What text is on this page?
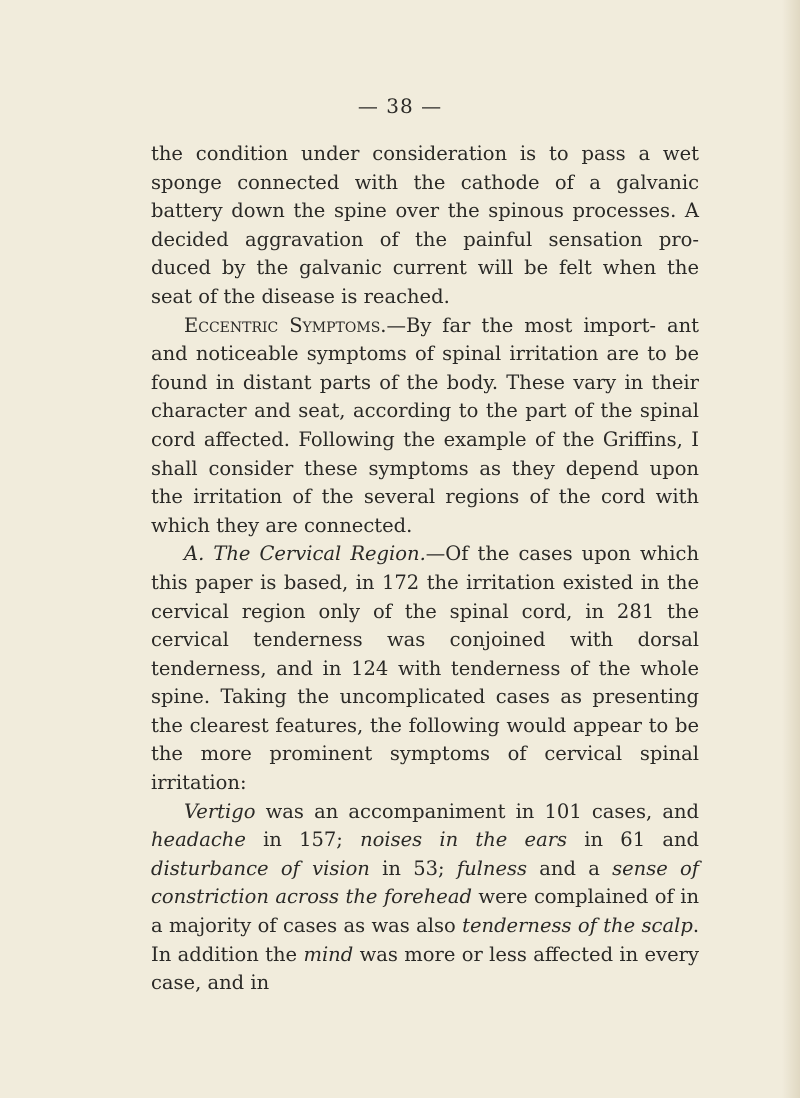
— 38 —

the condition under consideration is to pass a wet sponge connected with the cathode of a galvanic battery down the spine over the spinous processes. A decided aggravation of the painful sensation pro- duced by the galvanic current will be felt when the seat of the disease is reached.

Eccentric Symptoms.—By far the most import- ant and noticeable symptoms of spinal irritation are to be found in distant parts of the body. These vary in their character and seat, according to the part of the spinal cord affected. Following the example of the Griffins, I shall consider these symptoms as they depend upon the irritation of the several regions of the cord with which they are connected.

A. The Cervical Region.—Of the cases upon which this paper is based, in 172 the irritation existed in the cervical region only of the spinal cord, in 281 the cervical tenderness was conjoined with dorsal tenderness, and in 124 with tenderness of the whole spine. Taking the uncomplicated cases as presenting the clearest features, the following would appear to be the more prominent symptoms of cervical spinal irritation:

Vertigo was an accompaniment in 101 cases, and headache in 157; noises in the ears in 61 and disturbance of vision in 53; fulness and a sense of constriction across the forehead were complained of in a majority of cases as was also tenderness of the scalp. In addition the mind was more or less affected in every case, and in
